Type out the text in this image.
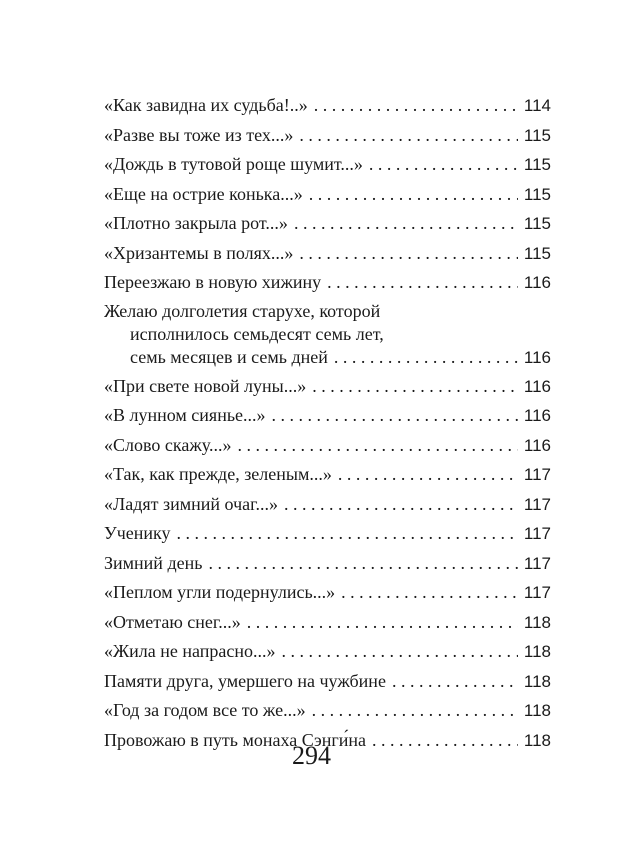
«Как завидна их судьба!..» . . .	114
«Разве вы тоже из тех...» . . .	115
«Дождь в тутовой роще шумит...» . . .	115
«Еще на острие конька...» . . .	115
«Плотно закрыла рот...» . . .	115
«Хризантемы в полях...» . . .	115
Переезжаю в новую хижину . . .	116
Желаю долголетия старухе, которой
исполнилось семьдесят семь лет,
семь месяцев и семь дней . . .	116
«При свете новой луны...» . . .	116
«В лунном сиянье...» . . .	116
«Слово скажу...» . . .	116
«Так, как прежде, зеленым...» . . .	117
«Ладят зимний очаг...» . . .	117
Ученику . . .	117
Зимний день . . .	117
«Пеплом угли подернулись...» . . .	117
«Отметаю снег...» . . .	118
«Жила не напрасно...» . . .	118
Памяти друга, умершего на чужбине . . .	118
«Год за годом все то же...» . . .	118
Провожаю в путь монаха Сэнги́на . . .	118
294
